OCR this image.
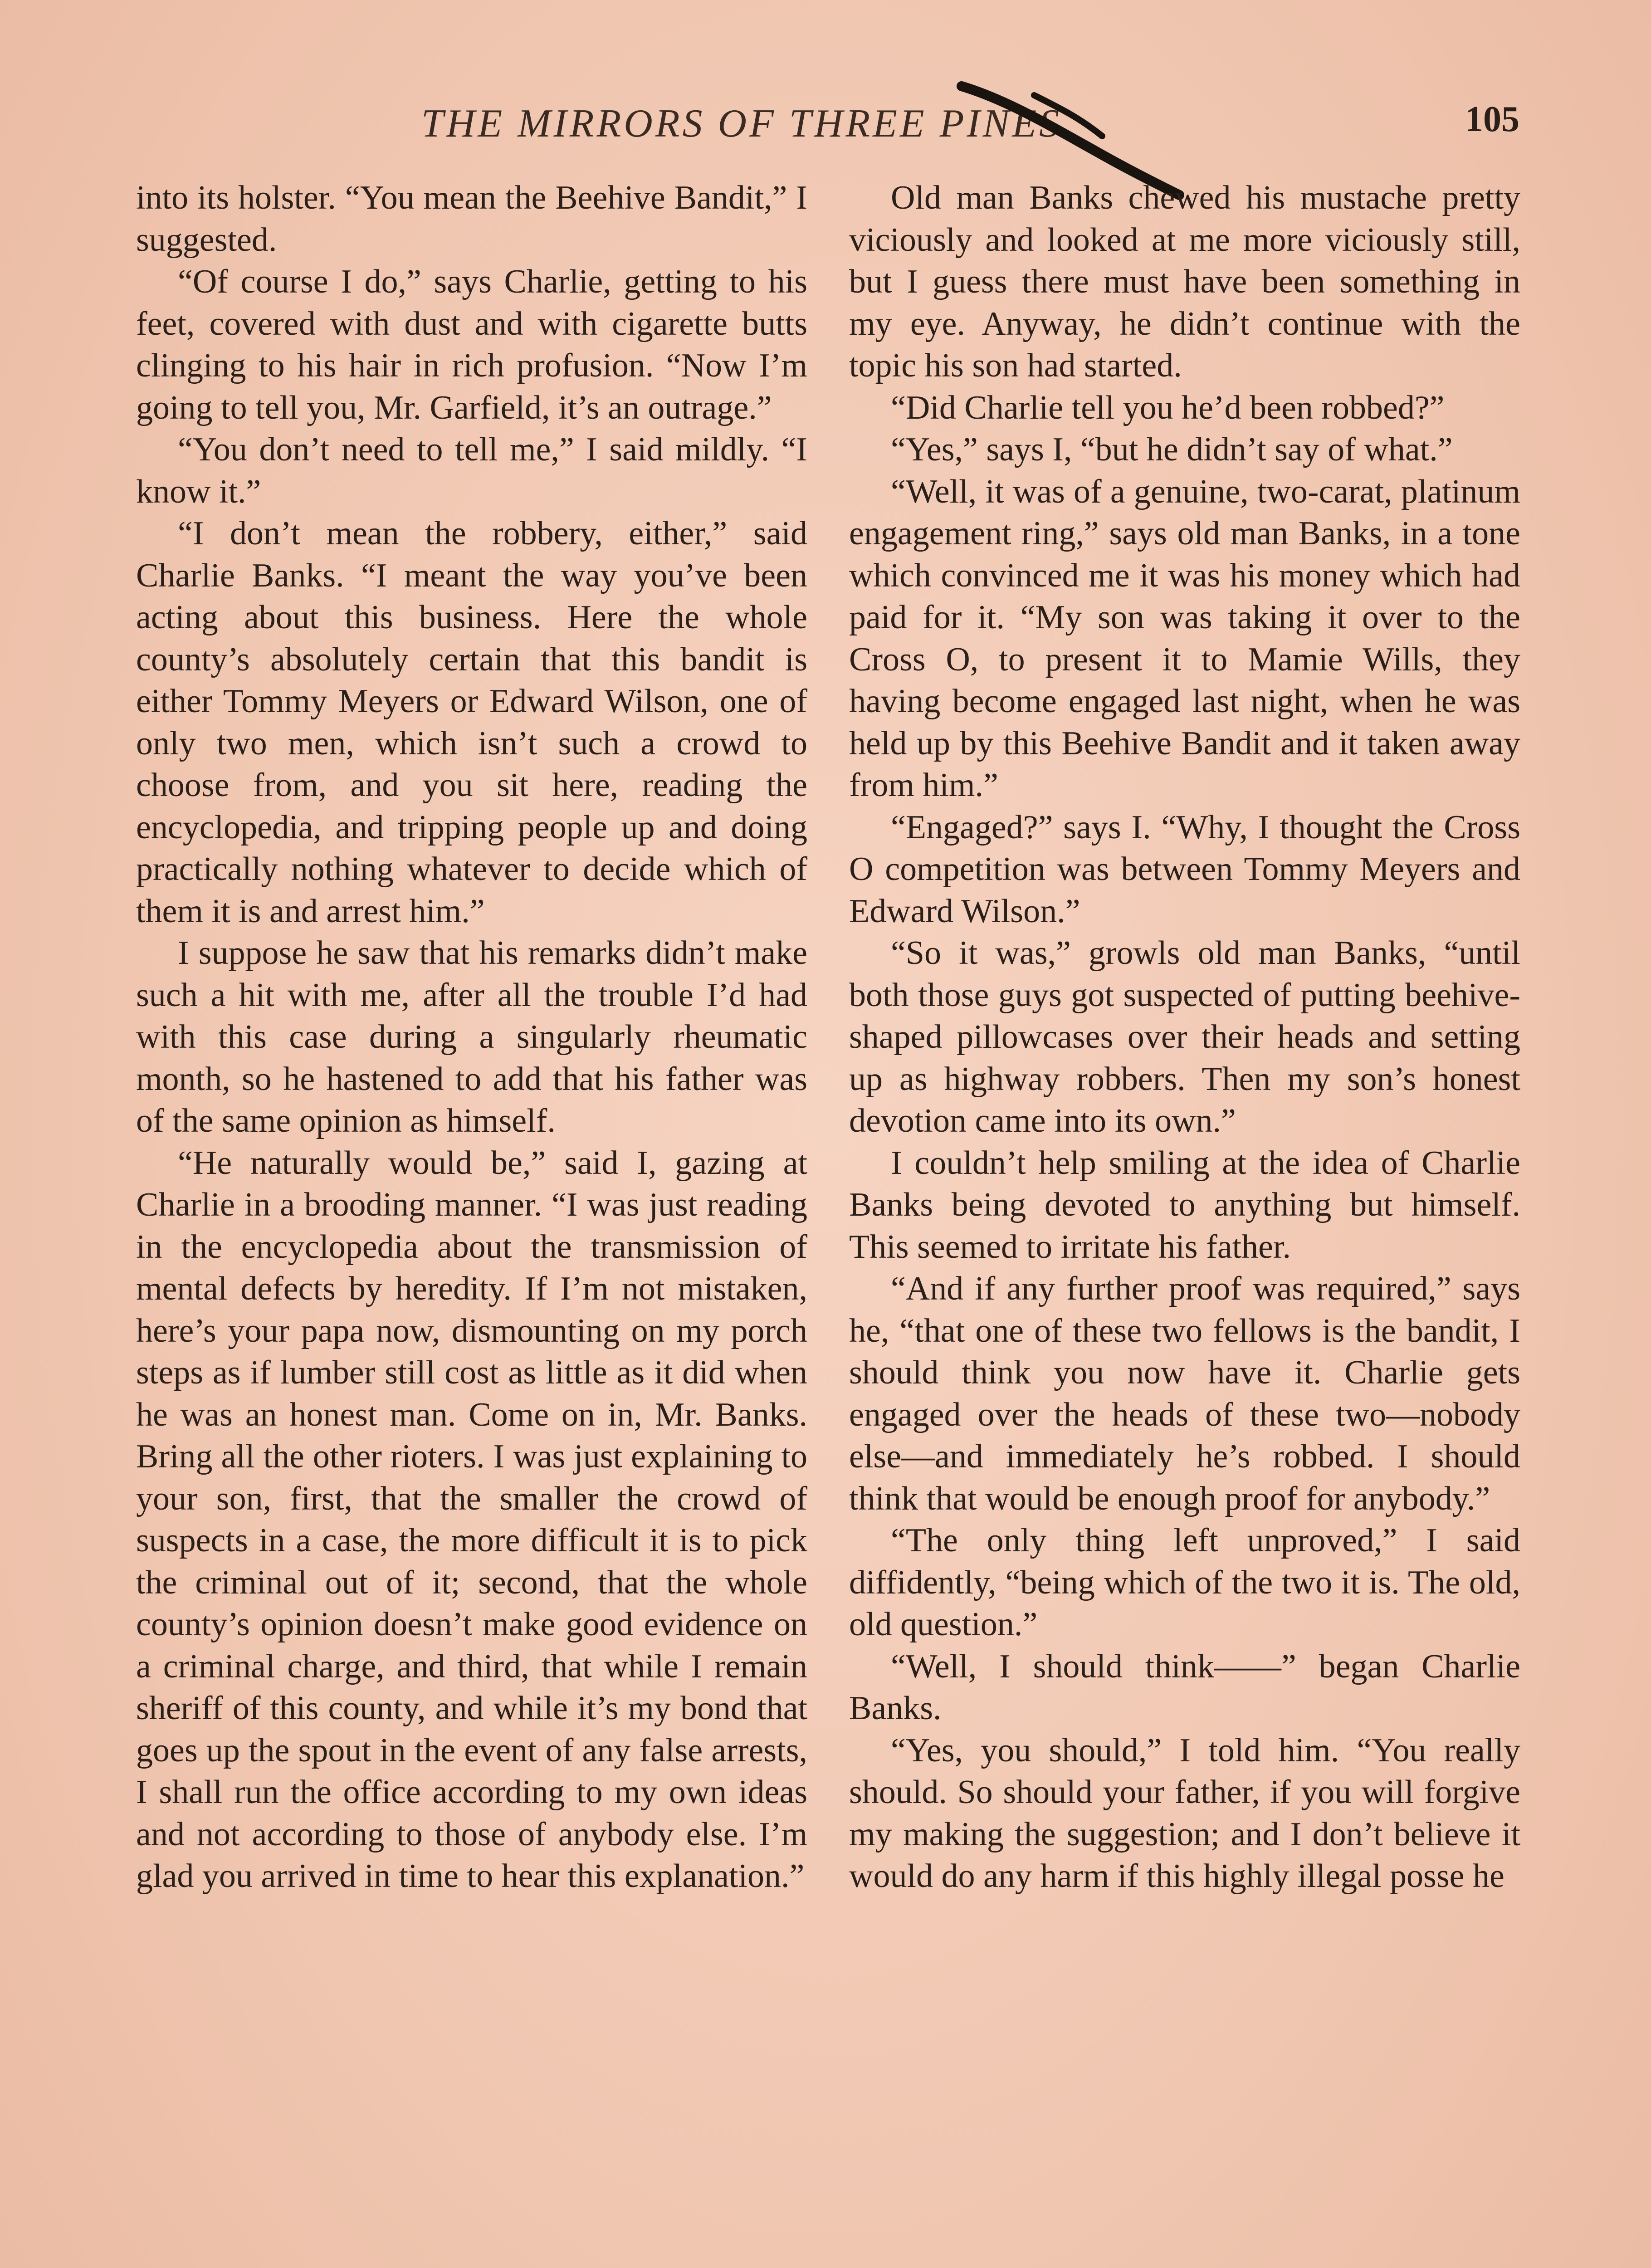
THE MIRRORS OF THREE PINES	105

into its holster. “You mean the Beehive Bandit,” I suggested.

“Of course I do,” says Charlie, getting to his feet, covered with dust and with cigarette butts clinging to his hair in rich profusion. “Now I’m going to tell you, Mr. Garfield, it’s an outrage.”

“You don’t need to tell me,” I said mildly. “I know it.”

“I don’t mean the robbery, either,” said Charlie Banks. “I meant the way you’ve been acting about this business. Here the whole county’s absolutely certain that this bandit is either Tommy Meyers or Edward Wilson, one of only two men, which isn’t such a crowd to choose from, and you sit here, reading the encyclopedia, and tripping people up and doing practically nothing whatever to decide which of them it is and arrest him.”

I suppose he saw that his remarks didn’t make such a hit with me, after all the trouble I’d had with this case during a singularly rheumatic month, so he hastened to add that his father was of the same opinion as himself.

“He naturally would be,” said I, gazing at Charlie in a brooding manner. “I was just reading in the encyclopedia about the transmission of mental defects by heredity. If I’m not mistaken, here’s your papa now, dismounting on my porch steps as if lumber still cost as little as it did when he was an honest man. Come on in, Mr. Banks. Bring all the other rioters. I was just explaining to your son, first, that the smaller the crowd of suspects in a case, the more difficult it is to pick the criminal out of it; second, that the whole county’s opinion doesn’t make good evidence on a criminal charge, and third, that while I remain sheriff of this county, and while it’s my bond that goes up the spout in the event of any false arrests, I shall run the office according to my own ideas and not according to those of anybody else. I’m glad you arrived in time to hear this explanation.”

Old man Banks chewed his mustache pretty viciously and looked at me more viciously still, but I guess there must have been something in my eye. Anyway, he didn’t continue with the topic his son had started.

“Did Charlie tell you he’d been robbed?”

“Yes,” says I, “but he didn’t say of what.”

“Well, it was of a genuine, two-carat, platinum engagement ring,” says old man Banks, in a tone which convinced me it was his money which had paid for it. “My son was taking it over to the Cross O, to present it to Mamie Wills, they having become engaged last night, when he was held up by this Beehive Bandit and it taken away from him.”

“Engaged?” says I. “Why, I thought the Cross O competition was between Tommy Meyers and Edward Wilson.”

“So it was,” growls old man Banks, “until both those guys got suspected of putting beehive-shaped pillowcases over their heads and setting up as highway robbers. Then my son’s honest devotion came into its own.”

I couldn’t help smiling at the idea of Charlie Banks being devoted to anything but himself. This seemed to irritate his father.

“And if any further proof was required,” says he, “that one of these two fellows is the bandit, I should think you now have it. Charlie gets engaged over the heads of these two—nobody else—and immediately he’s robbed. I should think that would be enough proof for anybody.”

“The only thing left unproved,” I said diffidently, “being which of the two it is. The old, old question.”

“Well, I should think——” began Charlie Banks.

“Yes, you should,” I told him. “You really should. So should your father, if you will forgive my making the suggestion; and I don’t believe it would do any harm if this highly illegal posse he
